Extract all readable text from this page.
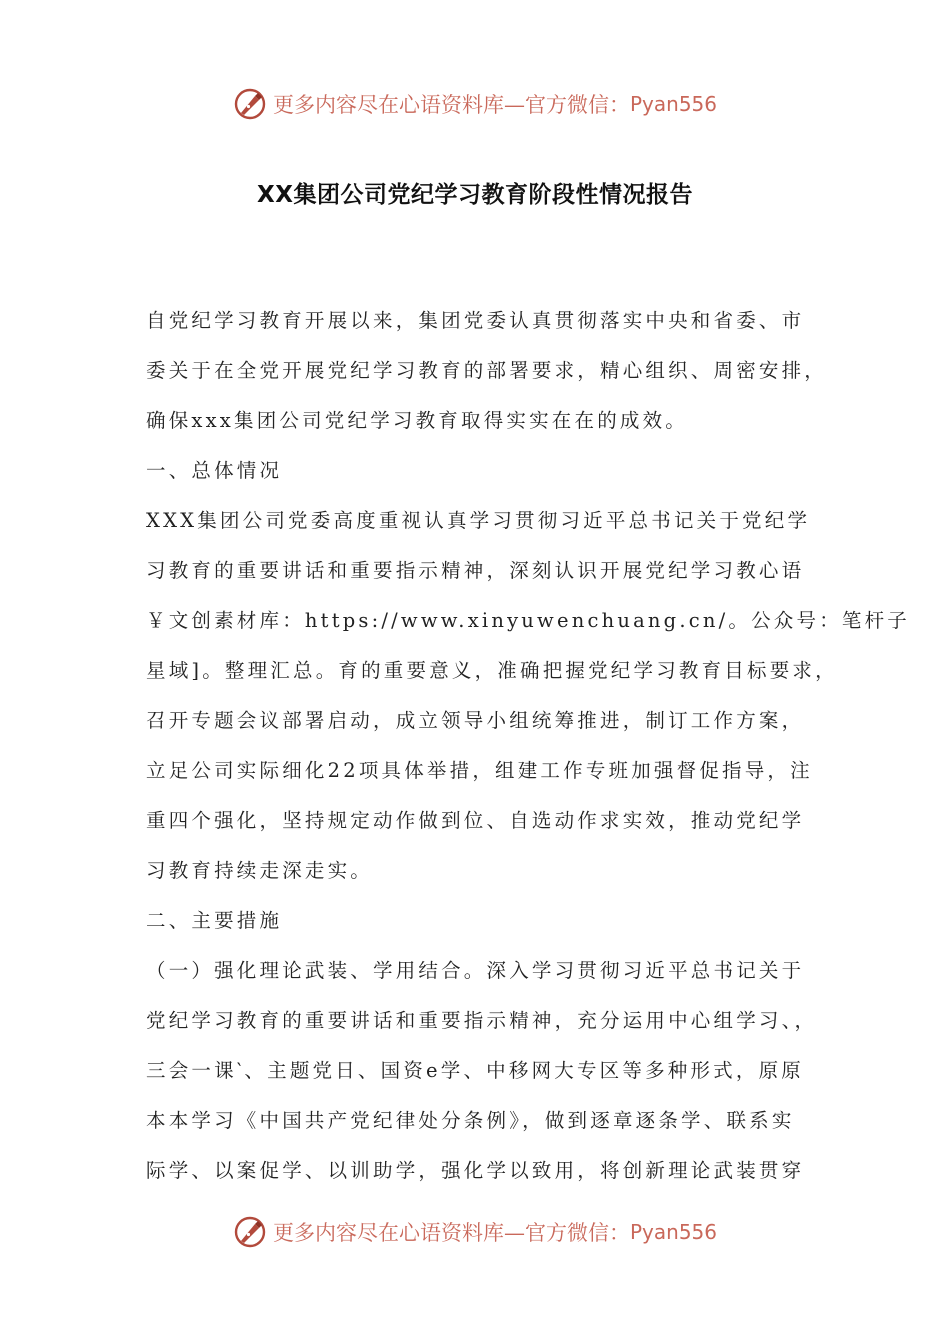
更多内容尽在心语资料库—官方微信： Pyan556
XX集团公司党纪学习教育阶段性情况报告
自党纪学习教育开展以来，集团党委认真贯彻落实中央和省委、市
委关于在全党开展党纪学习教育的部署要求，精心组织、周密安排，
确保xxx集团公司党纪学习教育取得实实在在的成效。
一、总体情况
XXX集团公司党委高度重视认真学习贯彻习近平总书记关于党纪学
习教育的重要讲话和重要指示精神，深刻认识开展党纪学习教心语
￥文创素材库：https://www.xinyuwenchuang.cn/。公众号：笔杆子
星域]。整理汇总。育的重要意义，准确把握党纪学习教育目标要求，
召开专题会议部署启动，成立领导小组统筹推进，制订工作方案，
立足公司实际细化22项具体举措，组建工作专班加强督促指导，注
重四个强化，坚持规定动作做到位、自选动作求实效，推动党纪学
习教育持续走深走实。
二、主要措施
（一）强化理论武装、学用结合。深入学习贯彻习近平总书记关于
党纪学习教育的重要讲话和重要指示精神，充分运用中心组学习、，
三会一课‵、主题党日、国资e学、中移网大专区等多种形式，原原
本本学习《中国共产党纪律处分条例》，做到逐章逐条学、联系实
际学、以案促学、以训助学，强化学以致用，将创新理论武装贯穿
更多内容尽在心语资料库—官方微信： Pyan556
